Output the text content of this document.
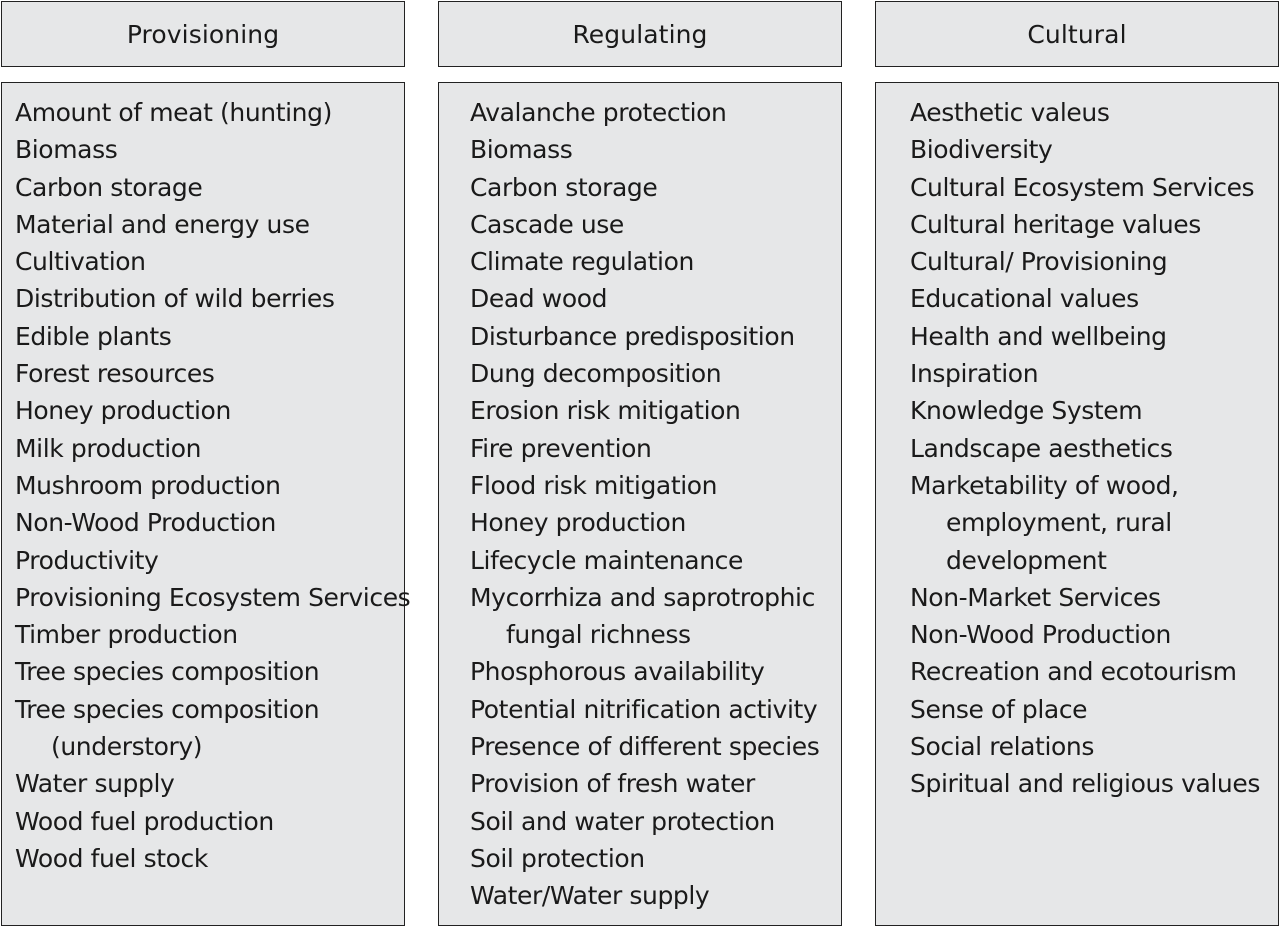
Provisioning	Regulating	Cultural
Amount of meat (hunting)
Biomass
Carbon storage
Material and energy use
Cultivation
Distribution of wild berries
Edible plants
Forest resources
Honey production
Milk production
Mushroom production
Non-Wood Production
Productivity
Provisioning Ecosystem Services
Timber production
Tree species composition
Tree species composition
(understory)
Water supply
Wood fuel production
Wood fuel stock
Avalanche protection
Biomass
Carbon storage
Cascade use
Climate regulation
Dead wood
Disturbance predisposition
Dung decomposition
Erosion risk mitigation
Fire prevention
Flood risk mitigation
Honey production
Lifecycle maintenance
Mycorrhiza and saprotrophic
fungal richness
Phosphorous availability
Potential nitrification activity
Presence of different species
Provision of fresh water
Soil and water protection
Soil protection
Water/Water supply
Aesthetic valeus
Biodiversity
Cultural Ecosystem Services
Cultural heritage values
Cultural/ Provisioning
Educational values
Health and wellbeing
Inspiration
Knowledge System
Landscape aesthetics
Marketability of wood,
employment, rural
development
Non-Market Services
Non-Wood Production
Recreation and ecotourism
Sense of place
Social relations
Spiritual and religious values
